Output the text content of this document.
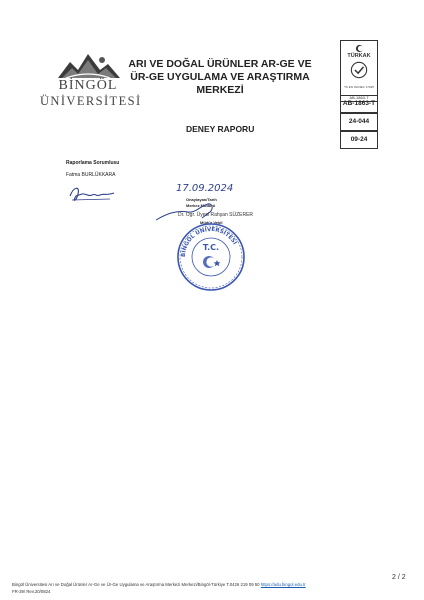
BİNGÖL
ÜNİVERSİTESİ
ARI VE DOĞAL ÜRÜNLER AR-GE VE
ÜR-GE UYGULAMA VE ARAŞTIRMA
MERKEZİ
TÜRKAK
TS EN ISO/IEC 17025
AB-1863-T
AB-1863-T
24-044
09-24
DENEY RAPORU
Raporlama Sorumlusu
Fatma BURLÜKKARA
17.09.2024
Onaylayan/Tarih
Merkez Müdürü
Dr. Öğr. Üyesi Rahşan SÜZERER
Müdür Vekil
BİNGÖL ÜNİVERSİTESİ
T.C.
2 / 2
Bingöl Üniversitesi Arı ve Doğal Ürünler Ar-Ge ve Ür-Ge Uygulama ve Araştırma Merkezi Merkezi/Bingöl-Türkiye T.0426 219 09 50 https://adu.bingol.edu.tr
FR-39/ Rev.20/0824
